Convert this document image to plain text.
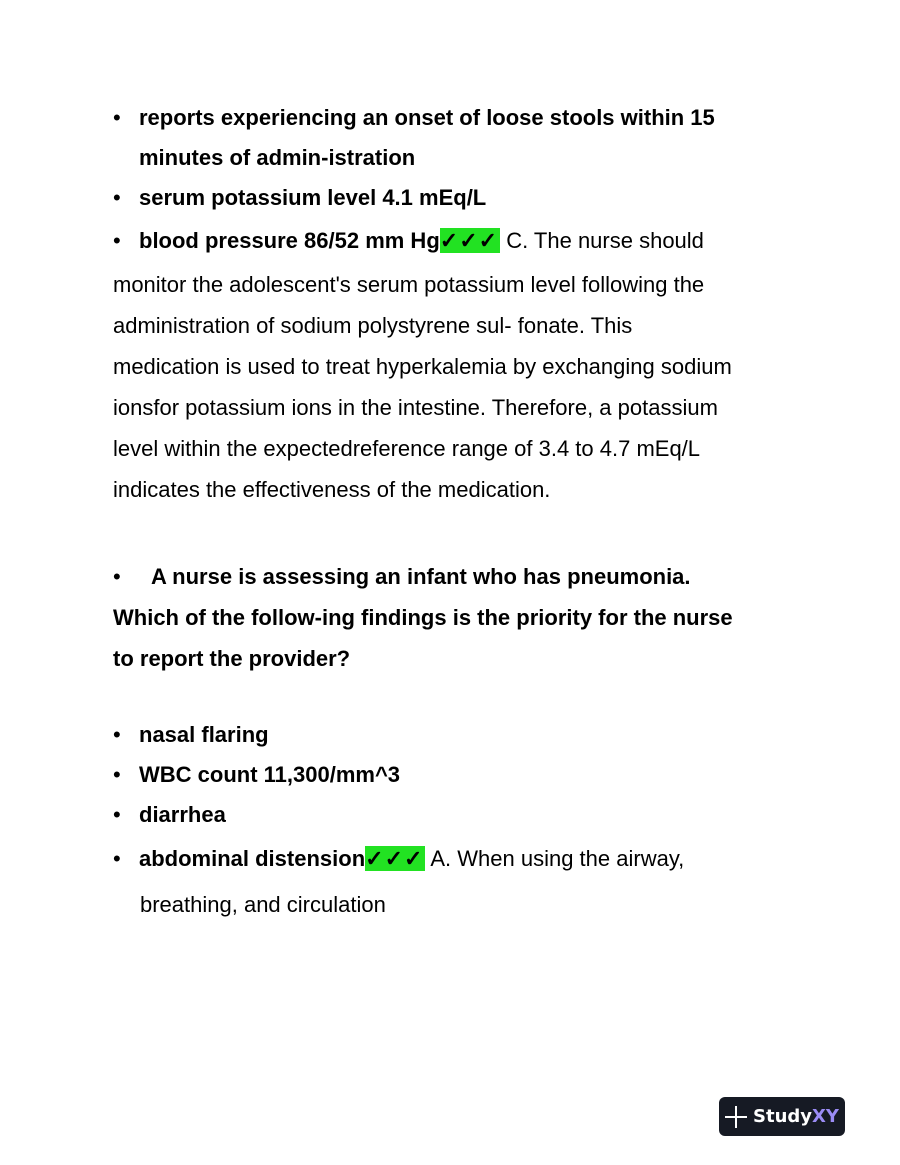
• reports experiencing an onset of loose stools within 15 minutes of admin-istration

• serum potassium level 4.1 mEq/L

• blood pressure 86/52 mm Hg✓✓✓ C. The nurse should

monitor the adolescent's serum potassium level following the

administration of sodium polystyrene sul- fonate. This

medication is used to treat hyperkalemia by exchanging sodium

ionsfor potassium ions in the intestine. Therefore, a potassium

level within the expectedreference range of 3.4 to 4.7 mEq/L

indicates the effectiveness of the medication.

• A nurse is assessing an infant who has pneumonia.

Which of the follow-ing findings is the priority for the nurse

to report the provider?

• nasal flaring

• WBC count 11,300/mm^3

• diarrhea

• abdominal distension✓✓✓ A. When using the airway,

breathing, and circulation

StudyXY
